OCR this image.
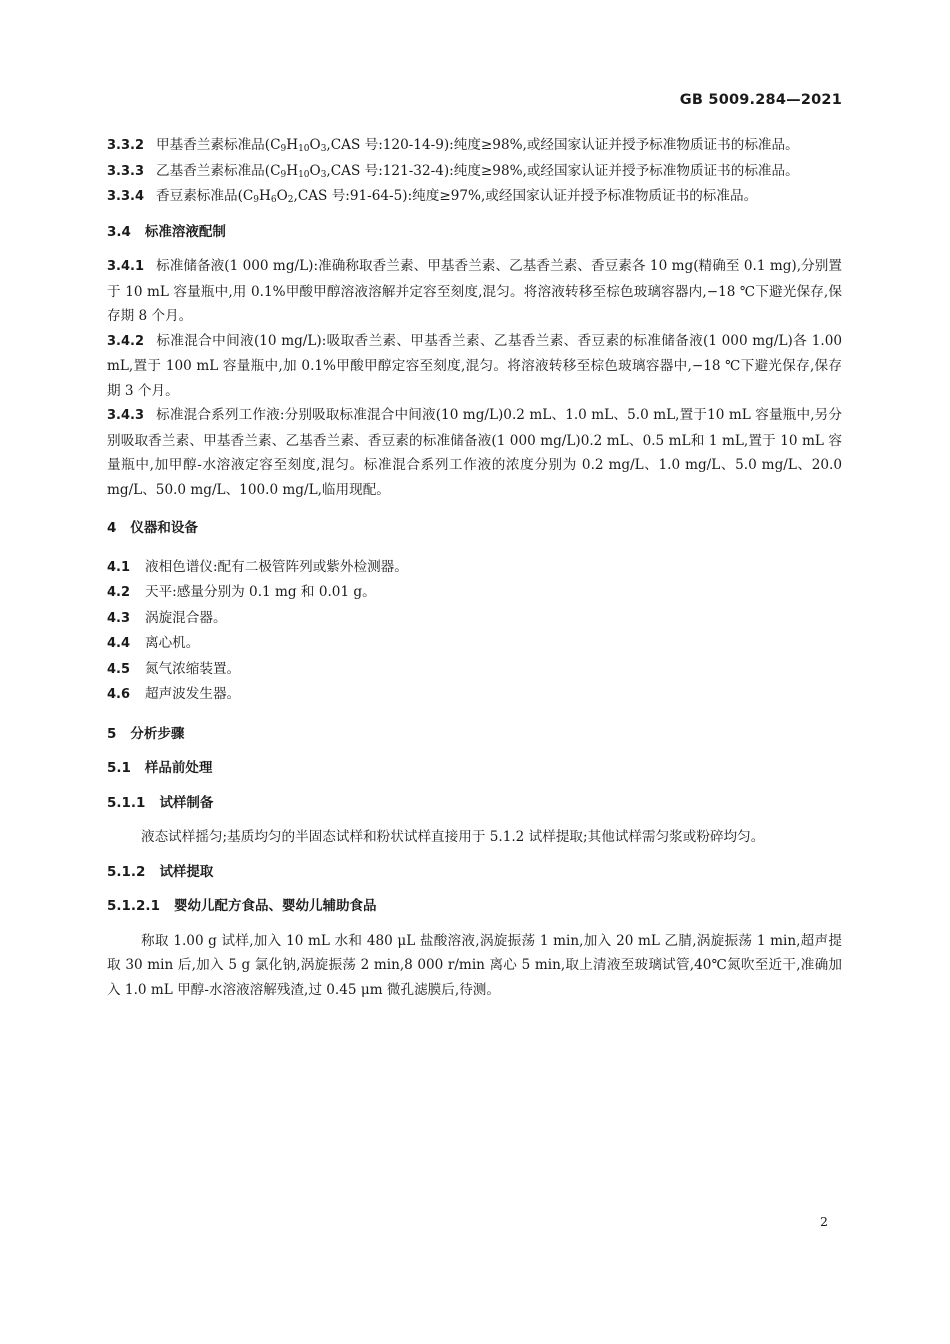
GB 5009.284—2021

3.3.2 甲基香兰素标准品($C_9H_{10}O_3,CAS$ 号:120-14-9):纯度≥98%,或经国家认证并授予标准物质证书的标准品。

3.3.3 乙基香兰素标准品($C_9H_{10}O_3,CAS$ 号:121-32-4):纯度≥98%,或经国家认证并授予标准物质证书的标准品。

3.3.4 香豆素标准品($C_9H_6O_2,CAS$ 号:91-64-5):纯度≥97%,或经国家认证并授予标准物质证书的标准品。

3.4 标准溶液配制

3.4.1 标准储备液(1 000 mg/L):准确称取香兰素、甲基香兰素、乙基香兰素、香豆素各 10 mg(精确至 0.1 mg),分别置于 10 mL 容量瓶中,用 0.1%甲酸甲醇溶液溶解并定容至刻度,混匀。将溶液转移至棕色玻璃容器内,−18 ℃下避光保存,保存期 8 个月。

3.4.2 标准混合中间液(10 mg/L):吸取香兰素、甲基香兰素、乙基香兰素、香豆素的标准储备液(1 000 mg/L)各 1.00 mL,置于 100 mL 容量瓶中,加 0.1%甲酸甲醇定容至刻度,混匀。将溶液转移至棕色玻璃容器中,−18 ℃下避光保存,保存期 3 个月。

3.4.3 标准混合系列工作液:分别吸取标准混合中间液(10 mg/L)0.2 mL、1.0 mL、5.0 mL,置于10 mL 容量瓶中,另分别吸取香兰素、甲基香兰素、乙基香兰素、香豆素的标准储备液(1 000 mg/L)0.2 mL、0.5 mL和 1 mL,置于 10 mL 容量瓶中,加甲醇-水溶液定容至刻度,混匀。标准混合系列工作液的浓度分别为 0.2 mg/L、1.0 mg/L、5.0 mg/L、20.0 mg/L、50.0 mg/L、100.0 mg/L,临用现配。

4 仪器和设备

4.1 液相色谱仪:配有二极管阵列或紫外检测器。

4.2 天平:感量分别为 0.1 mg 和 0.01 g。

4.3 涡旋混合器。

4.4 离心机。

4.5 氮气浓缩装置。

4.6 超声波发生器。

5 分析步骤

5.1 样品前处理

5.1.1 试样制备

液态试样摇匀;基质均匀的半固态试样和粉状试样直接用于 5.1.2 试样提取;其他试样需匀浆或粉碎均匀。

5.1.2 试样提取

5.1.2.1 婴幼儿配方食品、婴幼儿辅助食品

称取 1.00 g 试样,加入 10 mL 水和 480 μL 盐酸溶液,涡旋振荡 1 min,加入 20 mL 乙腈,涡旋振荡 1 min,超声提取 30 min 后,加入 5 g 氯化钠,涡旋振荡 2 min,8 000 r/min 离心 5 min,取上清液至玻璃试管,40℃氮吹至近干,准确加入 1.0 mL 甲醇-水溶液溶解残渣,过 0.45 μm 微孔滤膜后,待测。

2
